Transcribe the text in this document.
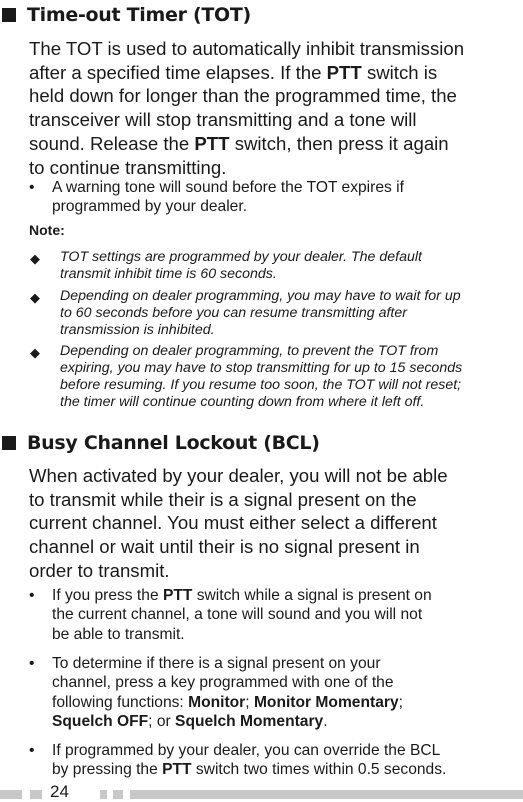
Time-out Timer (TOT)
The TOT is used to automatically inhibit transmission
after a specified time elapses. If the PTT switch is
held down for longer than the programmed time, the
transceiver will stop transmitting and a tone will
sound. Release the PTT switch, then press it again
to continue transmitting.
•	A warning tone will sound before the TOT expires if
programmed by your dealer.
Note:
◆ TOT settings are programmed by your dealer. The default
transmit inhibit time is 60 seconds.
◆ Depending on dealer programming, you may have to wait for up
to 60 seconds before you can resume transmitting after
transmission is inhibited.
◆ Depending on dealer programming, to prevent the TOT from
expiring, you may have to stop transmitting for up to 15 seconds
before resuming. If you resume too soon, the TOT will not reset;
the timer will continue counting down from where it left off.
Busy Channel Lockout (BCL)
When activated by your dealer, you will not be able
to transmit while their is a signal present on the
current channel. You must either select a different
channel or wait until their is no signal present in
order to transmit.
•	If you press the PTT switch while a signal is present on
the current channel, a tone will sound and you will not
be able to transmit.
•	To determine if there is a signal present on your
channel, press a key programmed with one of the
following functions: Monitor; Monitor Momentary;
Squelch OFF; or Squelch Momentary.
•	If programmed by your dealer, you can override the BCL
by pressing the PTT switch two times within 0.5 seconds.
24
